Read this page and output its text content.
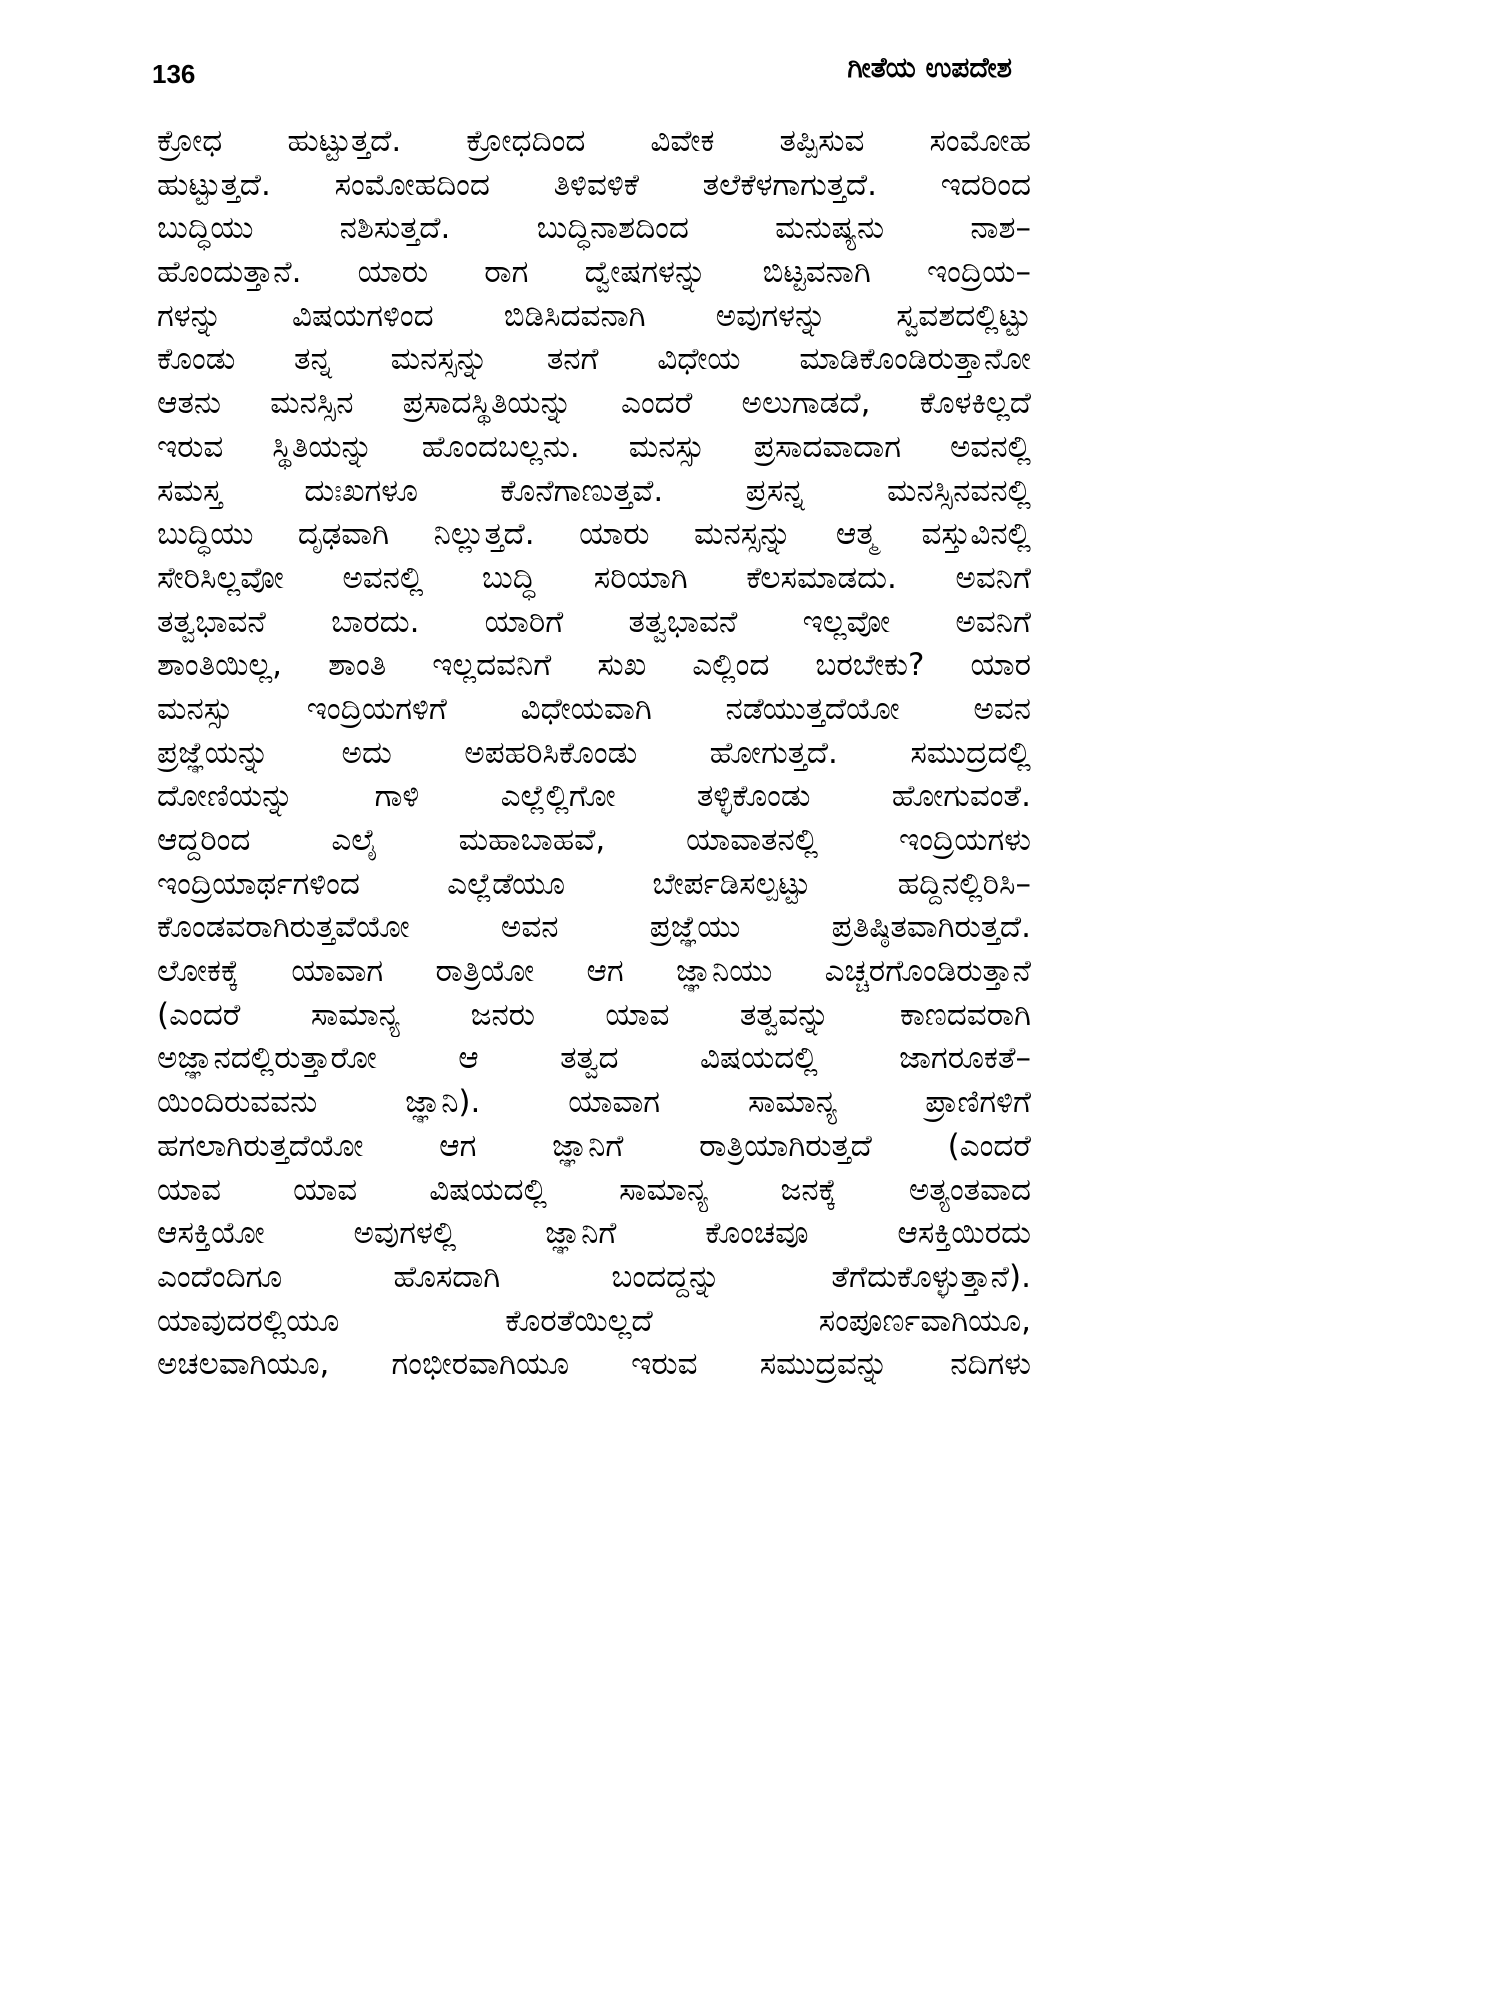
136	ಗೀತೆಯ ಉಪದೇಶ
ಕ್ರೋಧ ಹುಟ್ಟುತ್ತದೆ. ಕ್ರೋಧದಿಂದ ವಿವೇಕ ತಪ್ಪಿಸುವ ಸಂಮೋಹ
ಹುಟ್ಟುತ್ತದೆ. ಸಂಮೋಹದಿಂದ ತಿಳಿವಳಿಕೆ ತಲೆಕೆಳಗಾಗುತ್ತದೆ. ಇದರಿಂದ
ಬುದ್ಧಿಯು ನಶಿಸುತ್ತದೆ. ಬುದ್ಧಿನಾಶದಿಂದ ಮನುಷ್ಯನು ನಾಶ–
ಹೊಂದುತ್ತಾನೆ. ಯಾರು ರಾಗ ದ್ವೇಷಗಳನ್ನು ಬಿಟ್ಟವನಾಗಿ ಇಂದ್ರಿಯ–
ಗಳನ್ನು ವಿಷಯಗಳಿಂದ ಬಿಡಿಸಿದವನಾಗಿ ಅವುಗಳನ್ನು ಸ್ವವಶದಲ್ಲಿಟ್ಟು
ಕೊಂಡು ತನ್ನ ಮನಸ್ಸನ್ನು ತನಗೆ ವಿಧೇಯ ಮಾಡಿಕೊಂಡಿರುತ್ತಾನೋ
ಆತನು ಮನಸ್ಸಿನ ಪ್ರಸಾದಸ್ಥಿತಿಯನ್ನು ಎಂದರೆ ಅಲುಗಾಡದೆ, ಕೊಳಕಿಲ್ಲದೆ
ಇರುವ ಸ್ಥಿತಿಯನ್ನು ಹೊಂದಬಲ್ಲನು. ಮನಸ್ಸು ಪ್ರಸಾದವಾದಾಗ ಅವನಲ್ಲಿ
ಸಮಸ್ತ ದುಃಖಗಳೂ ಕೊನೆಗಾಣುತ್ತವೆ. ಪ್ರಸನ್ನ ಮನಸ್ಸಿನವನಲ್ಲಿ
ಬುದ್ಧಿಯು ದೃಢವಾಗಿ ನಿಲ್ಲುತ್ತದೆ. ಯಾರು ಮನಸ್ಸನ್ನು ಆತ್ಮ ವಸ್ತುವಿನಲ್ಲಿ
ಸೇರಿಸಿಲ್ಲವೋ ಅವನಲ್ಲಿ ಬುದ್ಧಿ ಸರಿಯಾಗಿ ಕೆಲಸಮಾಡದು. ಅವನಿಗೆ
ತತ್ವಭಾವನೆ ಬಾರದು. ಯಾರಿಗೆ ತತ್ವಭಾವನೆ ಇಲ್ಲವೋ ಅವನಿಗೆ
ಶಾಂತಿಯಿಲ್ಲ, ಶಾಂತಿ ಇಲ್ಲದವನಿಗೆ ಸುಖ ಎಲ್ಲಿಂದ ಬರಬೇಕು? ಯಾರ
ಮನಸ್ಸು ಇಂದ್ರಿಯಗಳಿಗೆ ವಿಧೇಯವಾಗಿ ನಡೆಯುತ್ತದೆಯೋ ಅವನ
ಪ್ರಜ್ಞೆಯನ್ನು ಅದು ಅಪಹರಿಸಿಕೊಂಡು ಹೋಗುತ್ತದೆ. ಸಮುದ್ರದಲ್ಲಿ
ದೋಣಿಯನ್ನು ಗಾಳಿ ಎಲ್ಲೆಲ್ಲಿಗೋ ತಳ್ಳಿಕೊಂಡು ಹೋಗುವಂತೆ.
ಆದ್ದರಿಂದ ಎಲೈ ಮಹಾಬಾಹವೆ, ಯಾವಾತನಲ್ಲಿ ಇಂದ್ರಿಯಗಳು
ಇಂದ್ರಿಯಾರ್ಥಗಳಿಂದ ಎಲ್ಲೆಡೆಯೂ ಬೇರ್ಪಡಿಸಲ್ಪಟ್ಟು ಹದ್ದಿನಲ್ಲಿರಿಸಿ–
ಕೊಂಡವರಾಗಿರುತ್ತವೆಯೋ ಅವನ ಪ್ರಜ್ಞೆಯು ಪ್ರತಿಷ್ಠಿತವಾಗಿರುತ್ತದೆ.
ಲೋಕಕ್ಕೆ ಯಾವಾಗ ರಾತ್ರಿಯೋ ಆಗ ಜ್ಞಾನಿಯು ಎಚ್ಚರಗೊಂಡಿರುತ್ತಾನೆ
(ಎಂದರೆ ಸಾಮಾನ್ಯ ಜನರು ಯಾವ ತತ್ವವನ್ನು ಕಾಣದವರಾಗಿ
ಅಜ್ಞಾನದಲ್ಲಿರುತ್ತಾರೋ ಆ ತತ್ವದ ವಿಷಯದಲ್ಲಿ ಜಾಗರೂಕತೆ–
ಯಿಂದಿರುವವನು ಜ್ಞಾನಿ). ಯಾವಾಗ ಸಾಮಾನ್ಯ ಪ್ರಾಣಿಗಳಿಗೆ
ಹಗಲಾಗಿರುತ್ತದೆಯೋ ಆಗ ಜ್ಞಾನಿಗೆ ರಾತ್ರಿಯಾಗಿರುತ್ತದೆ (ಎಂದರೆ
ಯಾವ ಯಾವ ವಿಷಯದಲ್ಲಿ ಸಾಮಾನ್ಯ ಜನಕ್ಕೆ ಅತ್ಯಂತವಾದ
ಆಸಕ್ತಿಯೋ ಅವುಗಳಲ್ಲಿ ಜ್ಞಾನಿಗೆ ಕೊಂಚವೂ ಆಸಕ್ತಿಯಿರದು
ಎಂದೆಂದಿಗೂ ಹೊಸದಾಗಿ ಬಂದದ್ದನ್ನು ತೆಗೆದುಕೊಳ್ಳುತ್ತಾನೆ).
ಯಾವುದರಲ್ಲಿಯೂ ಕೊರತೆಯಿಲ್ಲದೆ ಸಂಪೂರ್ಣವಾಗಿಯೂ,
ಅಚಲವಾಗಿಯೂ, ಗಂಭೀರವಾಗಿಯೂ ಇರುವ ಸಮುದ್ರವನ್ನು ನದಿಗಳು
